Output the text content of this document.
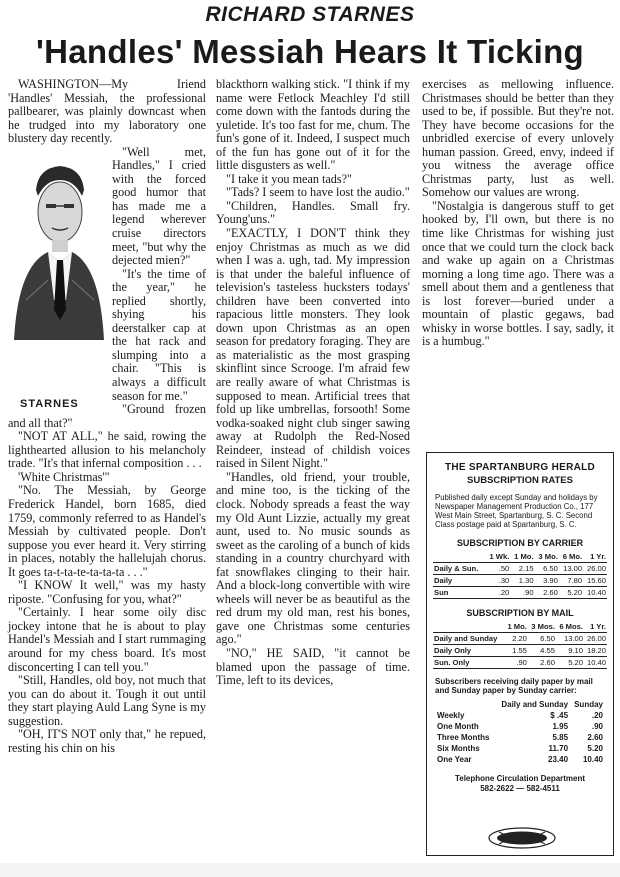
RICHARD STARNES
'Handles' Messiah Hears It Ticking

WASHINGTON—My Iriend 'Handles' Messiah, the professional pallbearer, was plainly downcast when he trudged into my laboratory one blustery day recently.

STARNES

"Well met, Handles," I cried with the forced good humor that has made me a legend wherever cruise directors meet, "but why the dejected mien?"

"It's the time of the year," he replied shortly, shying his deerstalker cap at the hat rack and slumping into a chair. "This is always a difficult season for me."

"Ground frozen and all that?"

"NOT AT ALL," he said, rowing the lighthearted allusion to his melancholy trade. "It's that infernal composition . . .

'White Christmas'"

"No. The Messiah, by George Frederick Handel, born 1685, died 1759, commonly referred to as Handel's Messiah by cultivated people. Don't suppose you ever heard it. Very stirring in places, notably the hallelujah chorus. It goes ta-t-ta-te-ta-ta-ta . . ."

"I KNOW It well," was my hasty riposte. "Confusing for you, what?"

"Certainly. I hear some oily disc jockey intone that he is about to play Handel's Messiah and I start rummaging around for my chess board. It's most disconcerting I can tell you."

"Still, Handles, old boy, not much that you can do about it. Tough it out until they start playing Auld Lang Syne is my suggestion.

"OH, IT'S NOT only that," he repued, resting his chin on his

blackthorn walking stick. "I think if my name were Fetlock Meachley I'd still come down with the fantods during the yuletide. It's too fast for me, chum. The fun's gone of it. Indeed, I suspect much of the fun has gone out of it for the little disgusters as well."

"I take it you mean tads?"

"Tads? I seem to have lost the audio."

"Children, Handles. Small fry. Young'uns."

"EXACTLY, I DON'T think they enjoy Christmas as much as we did when I was a. ugh, tad. My impression is that under the baleful influence of television's tasteless hucksters todays' children have been converted into rapacious little monsters. They look down upon Christmas as an open season for predatory foraging. They are as materialistic as the most grasping skinflint since Scrooge. I'm afraid few are really aware of what Christmas is supposed to mean. Artificial trees that fold up like umbrellas, forsooth! Some vodka-soaked night club singer sawing away at Rudolph the Red-Nosed Reindeer, instead of childish voices raised in Silent Night."

"Handles, old friend, your trouble, and mine too, is the ticking of the clock. Nobody spreads a feast the way my Old Aunt Lizzie, actually my great aunt, used to. No music sounds as sweet as the caroling of a bunch of kids standing in a country churchyard with fat snowflakes clinging to their hair. And a block-long convertible with wire wheels will never be as beautiful as the red drum my old man, rest his bones, gave one Christmas some centuries ago."

"NO," HE SAID, "it cannot be blamed upon the passage of time. Time, left to its devices,

exercises as mellowing influence. Christmases should be better than they used to be, if possible. But they're not. They have become occasions for the unbridled exercise of every unlovely human passion. Greed, envy, indeed if you witness the average office Christmas party, lust as well. Somehow our values are wrong.

"Nostalgia is dangerous stuff to get hooked by, I'll own, but there is no time like Christmas for wishing just once that we could turn the clock back and wake up again on a Christmas morning a long time ago. There was a smell about them and a gentleness that is lost forever—buried under a mountain of plastic gegaws, bad whisky in worse bottles. I say, sadly, it is a humbug."

THE SPARTANBURG HERALD
SUBSCRIPTION RATES
Published daily except Sunday and holidays by Newspaper Management Production Co., 177 West Main Street, Spartanburg, S. C. Second Class postage paid at Spartanburg, S. C.
SUBSCRIPTION BY CARRIER
	1 Wk.	1 Mo.	3 Mo.	6 Mo.	1 Yr.
Daily & Sun.	.50	2.15	6.50	13.00	26.00
Daily	.30	1.30	3.90	7.80	15.60
Sun	.20	.90	2.60	5.20	10.40
SUBSCRIPTION BY MAIL
	1 Mo.	3 Mos.	6 Mos.	1 Yr.
Daily and Sunday	2.20	6.50	13.00	26.00
Daily Only	1.55	4.55	9.10	18.20
Sun. Only	.90	2.60	5.20	10.40
Subscribers receiving daily paper by mail and Sunday paper by Sunday carrier:
	Daily and Sunday	Sunday
Weekly	$ .45	.20
One Month	1.95	.90
Three Months	5.85	2.60
Six Months	11.70	5.20
One Year	23.40	10.40
Telephone Circulation Department
582-2622 — 582-4511
